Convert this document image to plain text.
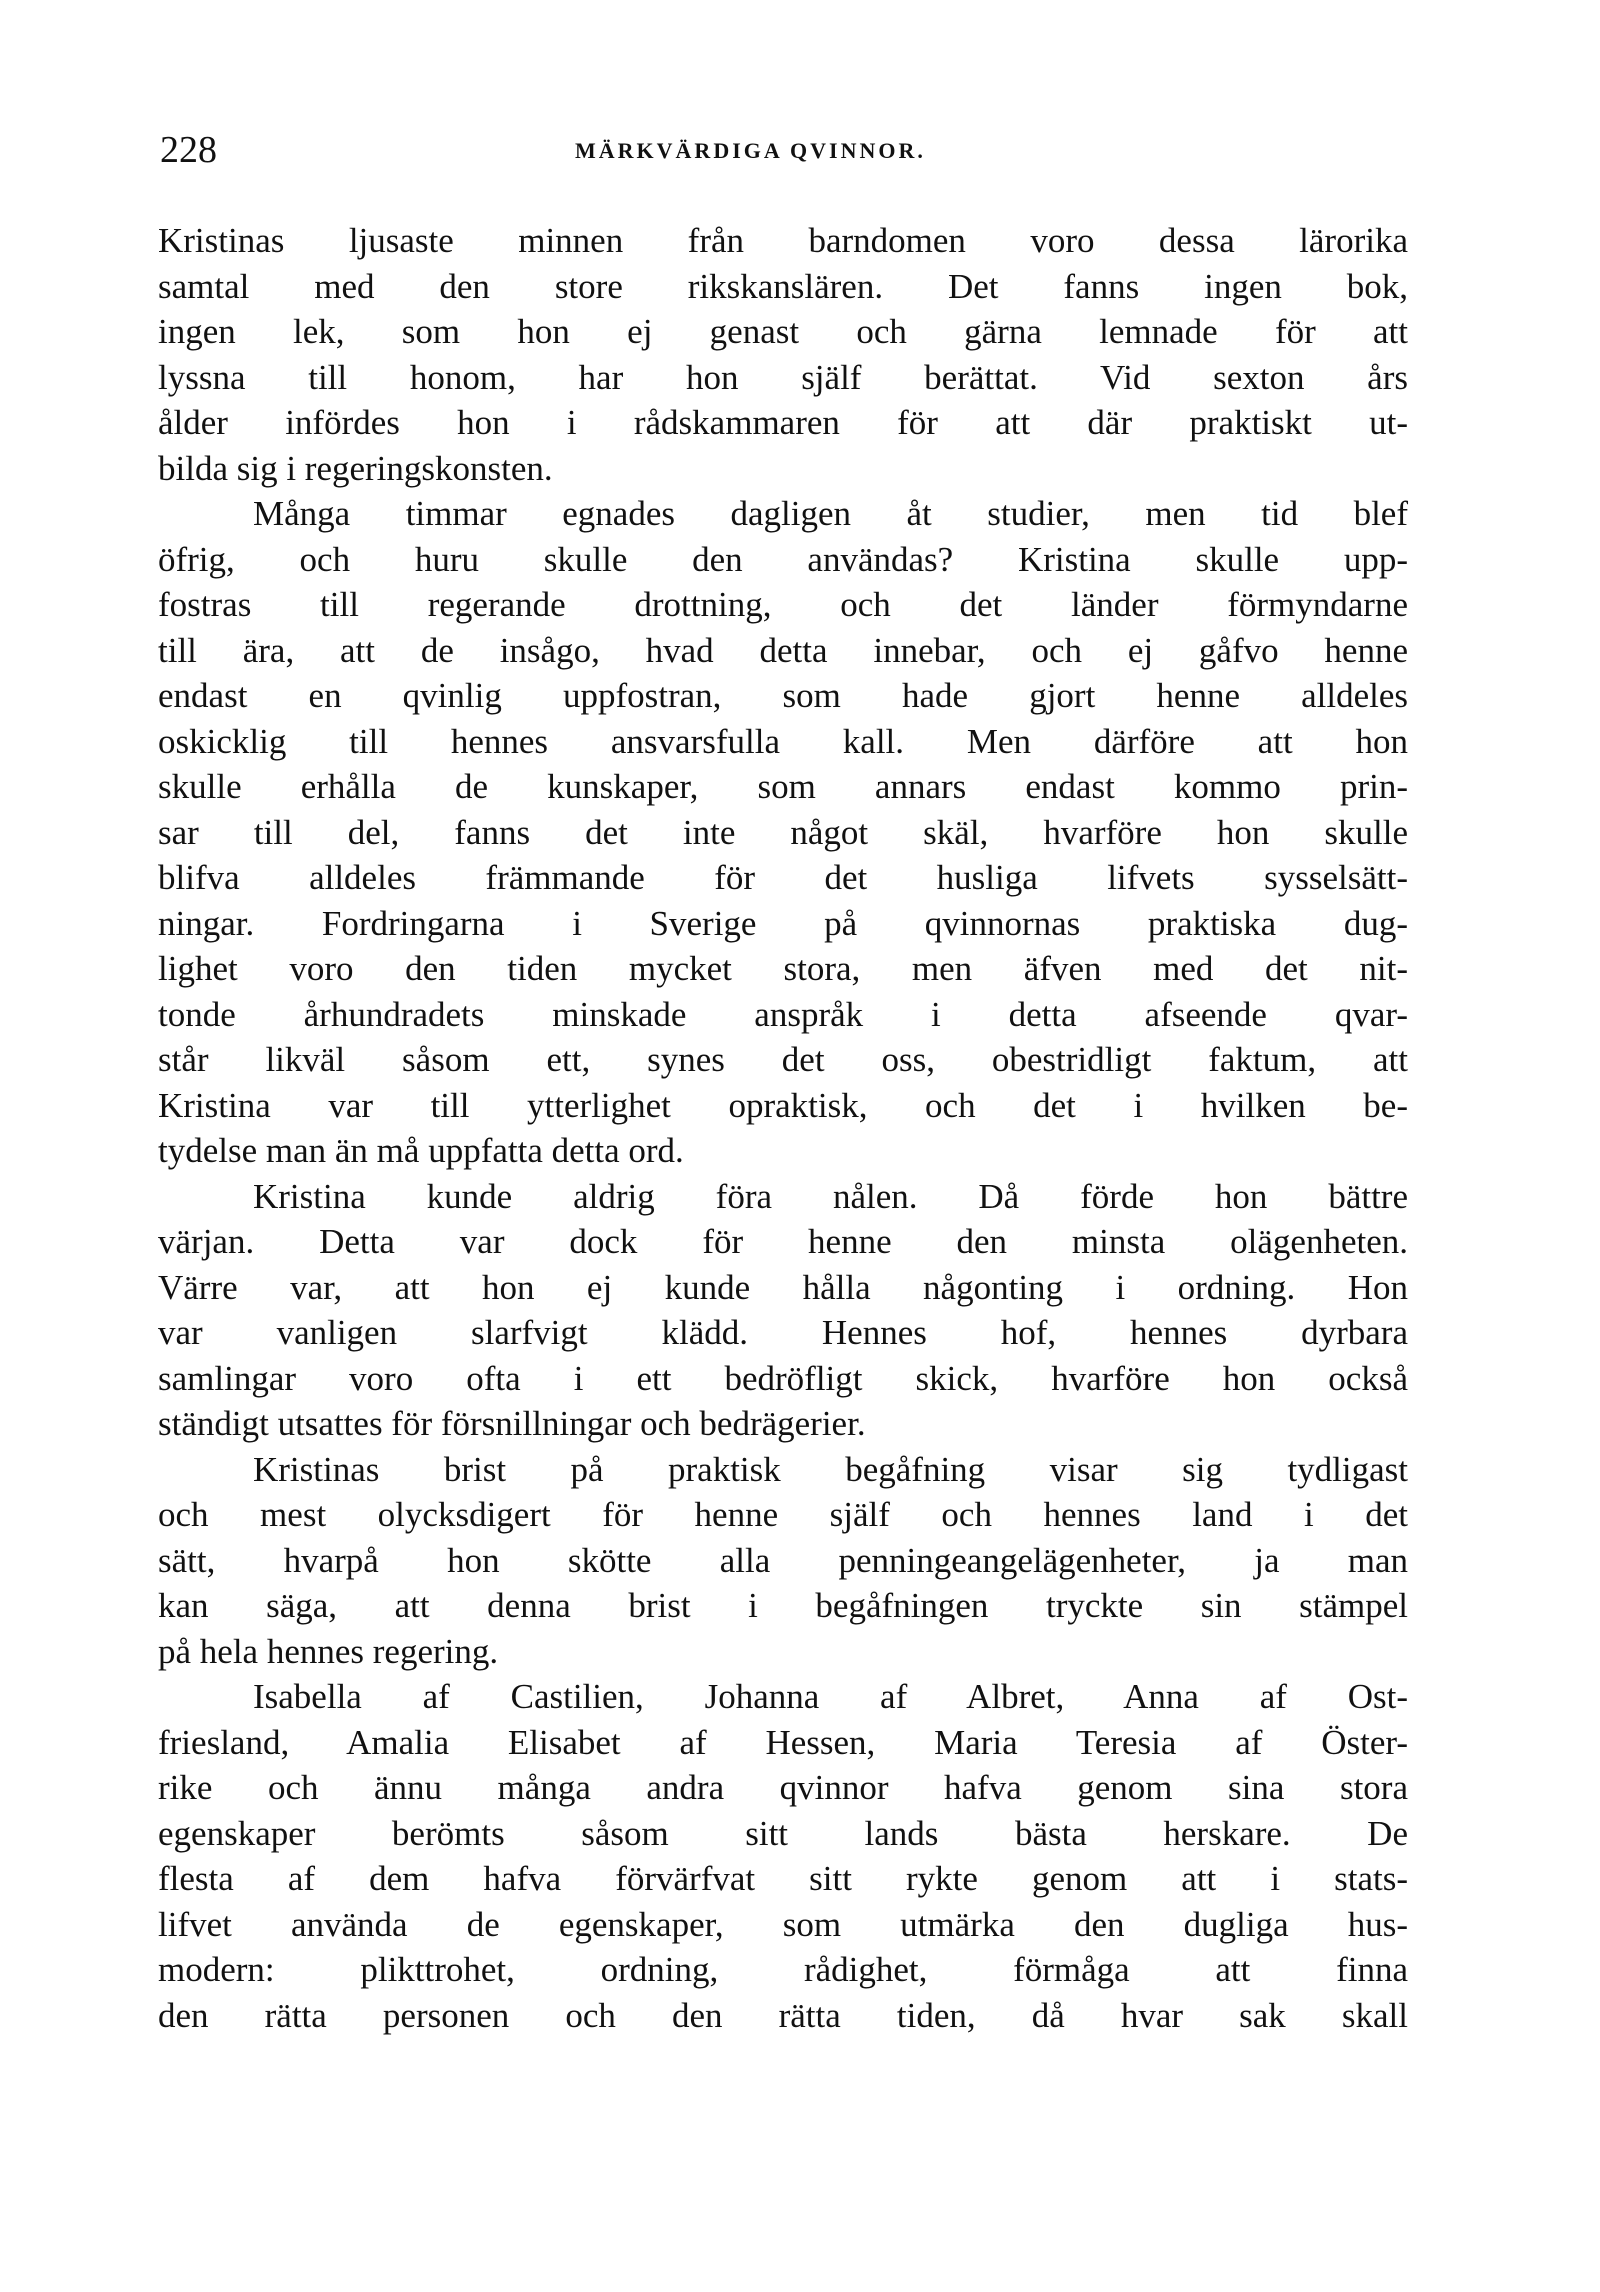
228	MÄRKVÄRDIGA QVINNOR.
Kristinas ljusaste minnen från barndomen voro dessa lärorika
samtal med den store rikskanslären. Det fanns ingen bok,
ingen lek, som hon ej genast och gärna lemnade för att
lyssna till honom, har hon själf berättat. Vid sexton års
ålder infördes hon i rådskammaren för att där praktiskt ut-
bilda sig i regeringskonsten.
Många timmar egnades dagligen åt studier, men tid blef
öfrig, och huru skulle den användas? Kristina skulle upp-
fostras till regerande drottning, och det länder förmyndarne
till ära, att de insågo, hvad detta innebar, och ej gåfvo henne
endast en qvinlig uppfostran, som hade gjort henne alldeles
oskicklig till hennes ansvarsfulla kall. Men därföre att hon
skulle erhålla de kunskaper, som annars endast kommo prin-
sar till del, fanns det inte något skäl, hvarföre hon skulle
blifva alldeles främmande för det husliga lifvets sysselsätt-
ningar. Fordringarna i Sverige på qvinnornas praktiska dug-
lighet voro den tiden mycket stora, men äfven med det nit-
tonde århundradets minskade anspråk i detta afseende qvar-
står likväl såsom ett, synes det oss, obestridligt faktum, att
Kristina var till ytterlighet opraktisk, och det i hvilken be-
tydelse man än må uppfatta detta ord.
Kristina kunde aldrig föra nålen. Då förde hon bättre
värjan. Detta var dock för henne den minsta olägenheten.
Värre var, att hon ej kunde hålla någonting i ordning. Hon
var vanligen slarfvigt klädd. Hennes hof, hennes dyrbara
samlingar voro ofta i ett bedröfligt skick, hvarföre hon också
ständigt utsattes för försnillningar och bedrägerier.
Kristinas brist på praktisk begåfning visar sig tydligast
och mest olycksdigert för henne själf och hennes land i det
sätt, hvarpå hon skötte alla penningeangelägenheter, ja man
kan säga, att denna brist i begåfningen tryckte sin stämpel
på hela hennes regering.
Isabella af Castilien, Johanna af Albret, Anna af Ost-
friesland, Amalia Elisabet af Hessen, Maria Teresia af Öster-
rike och ännu många andra qvinnor hafva genom sina stora
egenskaper berömts såsom sitt lands bästa herskare. De
flesta af dem hafva förvärfvat sitt rykte genom att i stats-
lifvet använda de egenskaper, som utmärka den dugliga hus-
modern: plikttrohet, ordning, rådighet, förmåga att finna
den rätta personen och den rätta tiden, då hvar sak skall
